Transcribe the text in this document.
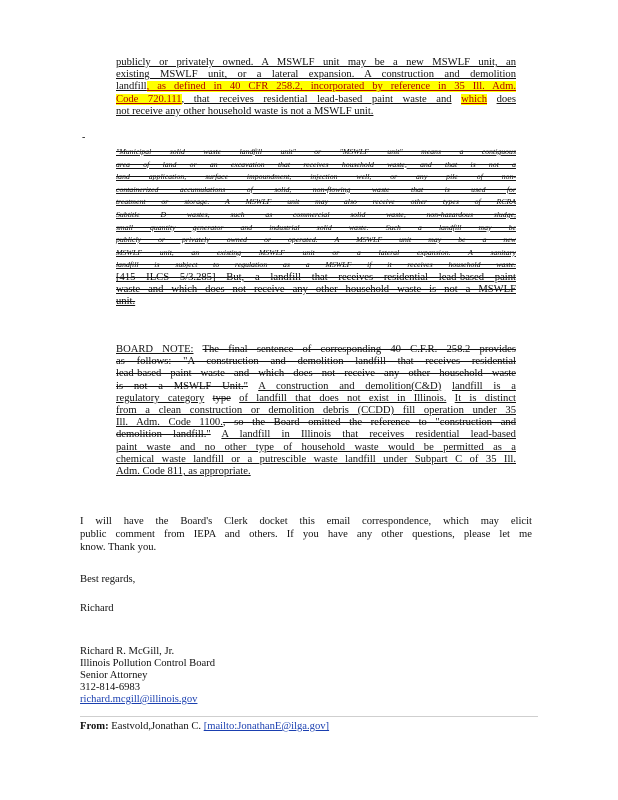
publicly or privately owned. A MSWLF unit may be a new MSWLF unit, an
existing MSWLF unit, or a lateral expansion. A construction and demolition
landfill, as defined in 40 CFR 258.2, incorporated by reference in 35 Ill. Adm.
Code 720.111, that receives residential lead-based paint waste and which does
not receive any other household waste is not a MSWLF unit.
-
"Municipal solid waste landfill unit" or "MSWLF unit" means a contiguous
area of land or an excavation that receives household waste, and that is not a
land application, surface impoundment, injection well, or any pile of non-
containerized accumulations of solid, non-flowing waste that is used for
treatment or storage. A MSWLF unit may also receive other types of RCRA
Subtitle D wastes, such as commercial solid waste, non-hazardous sludge,
small quantity generator and industrial solid waste. Such a landfill may be
publicly or privately owned or operated. A MSWLF unit may be a new
MSWLF unit, an existing MSWLF unit or a lateral expansion. A sanitary
landfill is subject to regulation as a MSWLF if it receives household waste.
[415 ILCS 5/3.285] But, a landfill that receives residential lead-based paint
waste and which does not receive any other household waste is not a MSWLF
unit.
BOARD NOTE: The final sentence of corresponding 40 C.F.R. 258.2 provides
as follows: "A construction and demolition landfill that receives residential
lead-based paint waste and which does not receive any other household waste
is not a MSWLF Unit." A construction and demolition(C&D) landfill is a
regulatory category type of landfill that does not exist in Illinois. It is distinct
from a clean construction or demolition debris (CCDD) fill operation under 35
Ill. Adm. Code 1100., so the Board omitted the reference to "construction and
demolition landfill." A landfill in Illinois that receives residential lead-based
paint waste and no other type of household waste would be permitted as a
chemical waste landfill or a putrescible waste landfill under Subpart C of 35 Ill.
Adm. Code 811, as appropriate.
I will have the Board's Clerk docket this email correspondence, which may elicit
public comment from IEPA and others. If you have any other questions, please let me
know. Thank you.
Best regards,
Richard
Richard R. McGill, Jr.
Illinois Pollution Control Board
Senior Attorney
312-814-6983
richard.mcgill@illinois.gov
From: Eastvold,Jonathan C. [mailto:JonathanE@ilga.gov]
